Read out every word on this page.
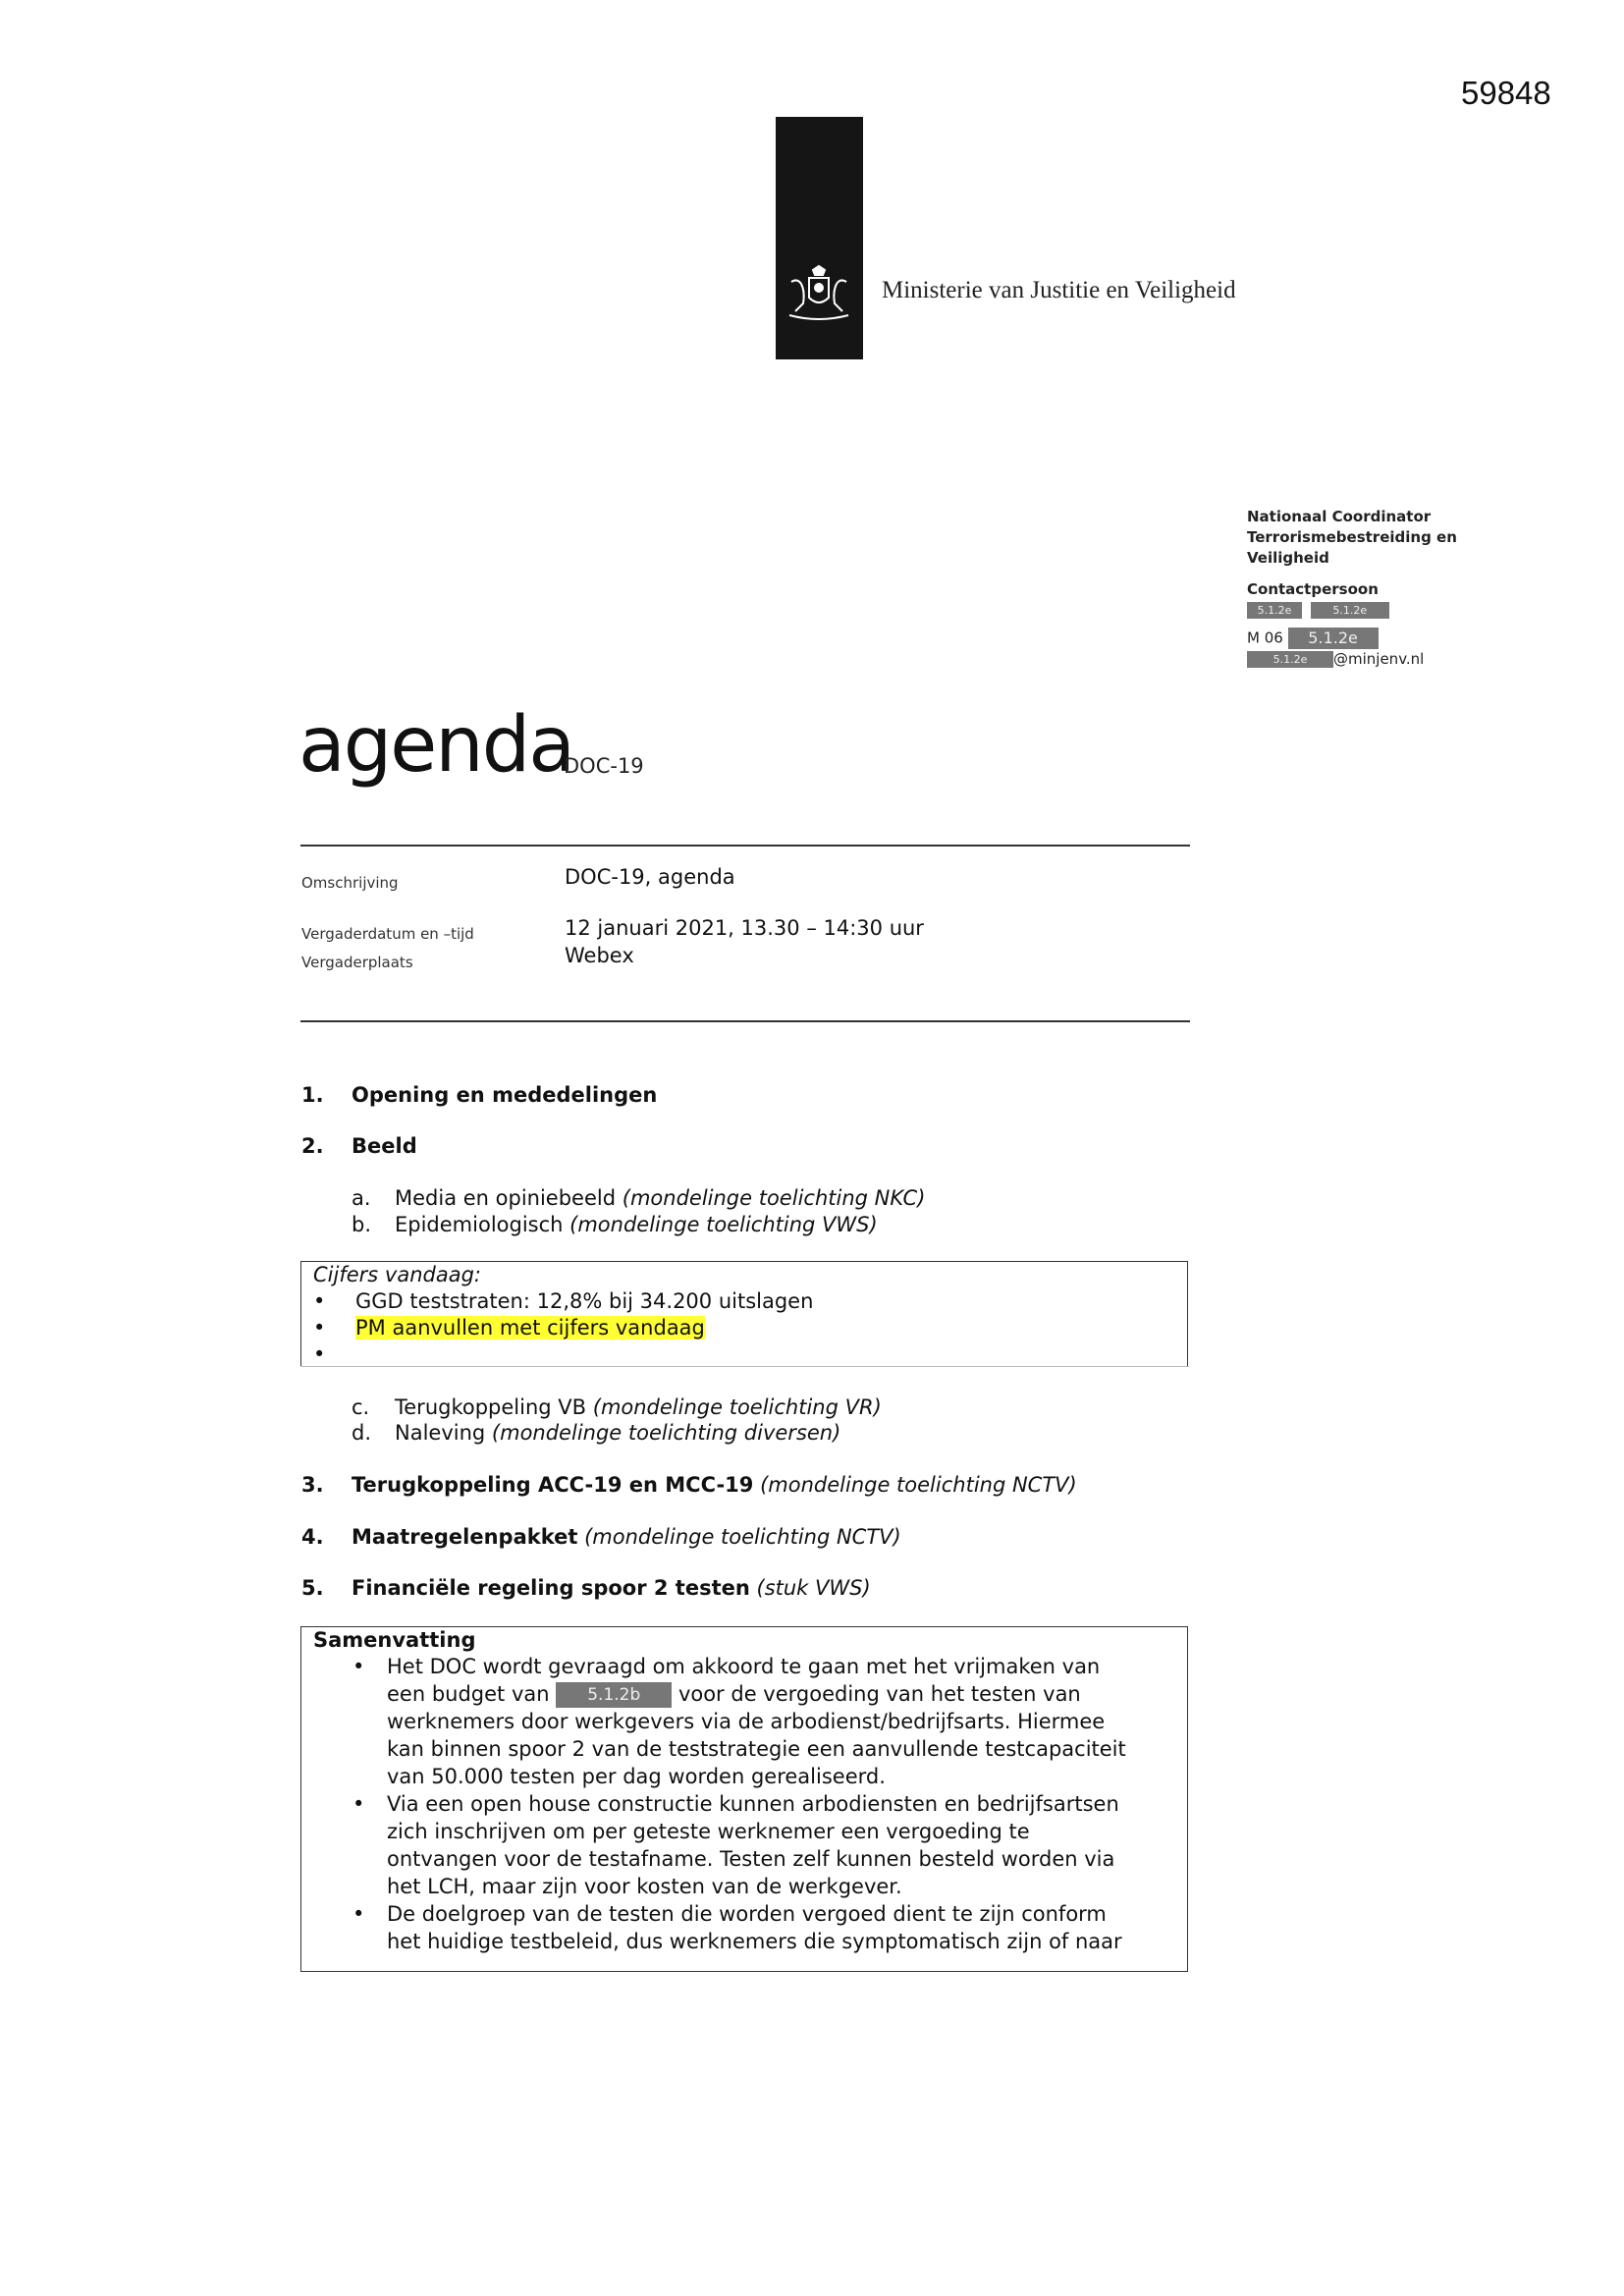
59848
Ministerie van Justitie en Veiligheid
Nationaal Coordinator
Terrorismebestreiding en
Veiligheid
Contactpersoon
5.1.2e	5.1.2e
M 06 5.1.2e
5.1.2e @minjenv.nl
agenda
DOC-19
Omschrijving	DOC-19, agenda
Vergaderdatum en –tijd	12 januari 2021, 13.30 – 14:30 uur
Vergaderplaats	Webex
1. Opening en mededelingen
2. Beeld
a. Media en opiniebeeld (mondelinge toelichting NKC)
b. Epidemiologisch (mondelinge toelichting VWS)
Cijfers vandaag:
• GGD teststraten: 12,8% bij 34.200 uitslagen
• PM aanvullen met cijfers vandaag
•
c. Terugkoppeling VB (mondelinge toelichting VR)
d. Naleving (mondelinge toelichting diversen)
3. Terugkoppeling ACC-19 en MCC-19 (mondelinge toelichting NCTV)
4. Maatregelenpakket (mondelinge toelichting NCTV)
5. Financiële regeling spoor 2 testen (stuk VWS)
Samenvatting
• Het DOC wordt gevraagd om akkoord te gaan met het vrijmaken van
een budget van 5.1.2b voor de vergoeding van het testen van
werknemers door werkgevers via de arbodienst/bedrijfsarts. Hiermee
kan binnen spoor 2 van de teststrategie een aanvullende testcapaciteit
van 50.000 testen per dag worden gerealiseerd.
• Via een open house constructie kunnen arbodiensten en bedrijfsartsen
zich inschrijven om per geteste werknemer een vergoeding te
ontvangen voor de testafname. Testen zelf kunnen besteld worden via
het LCH, maar zijn voor kosten van de werkgever.
• De doelgroep van de testen die worden vergoed dient te zijn conform
het huidige testbeleid, dus werknemers die symptomatisch zijn of naar
